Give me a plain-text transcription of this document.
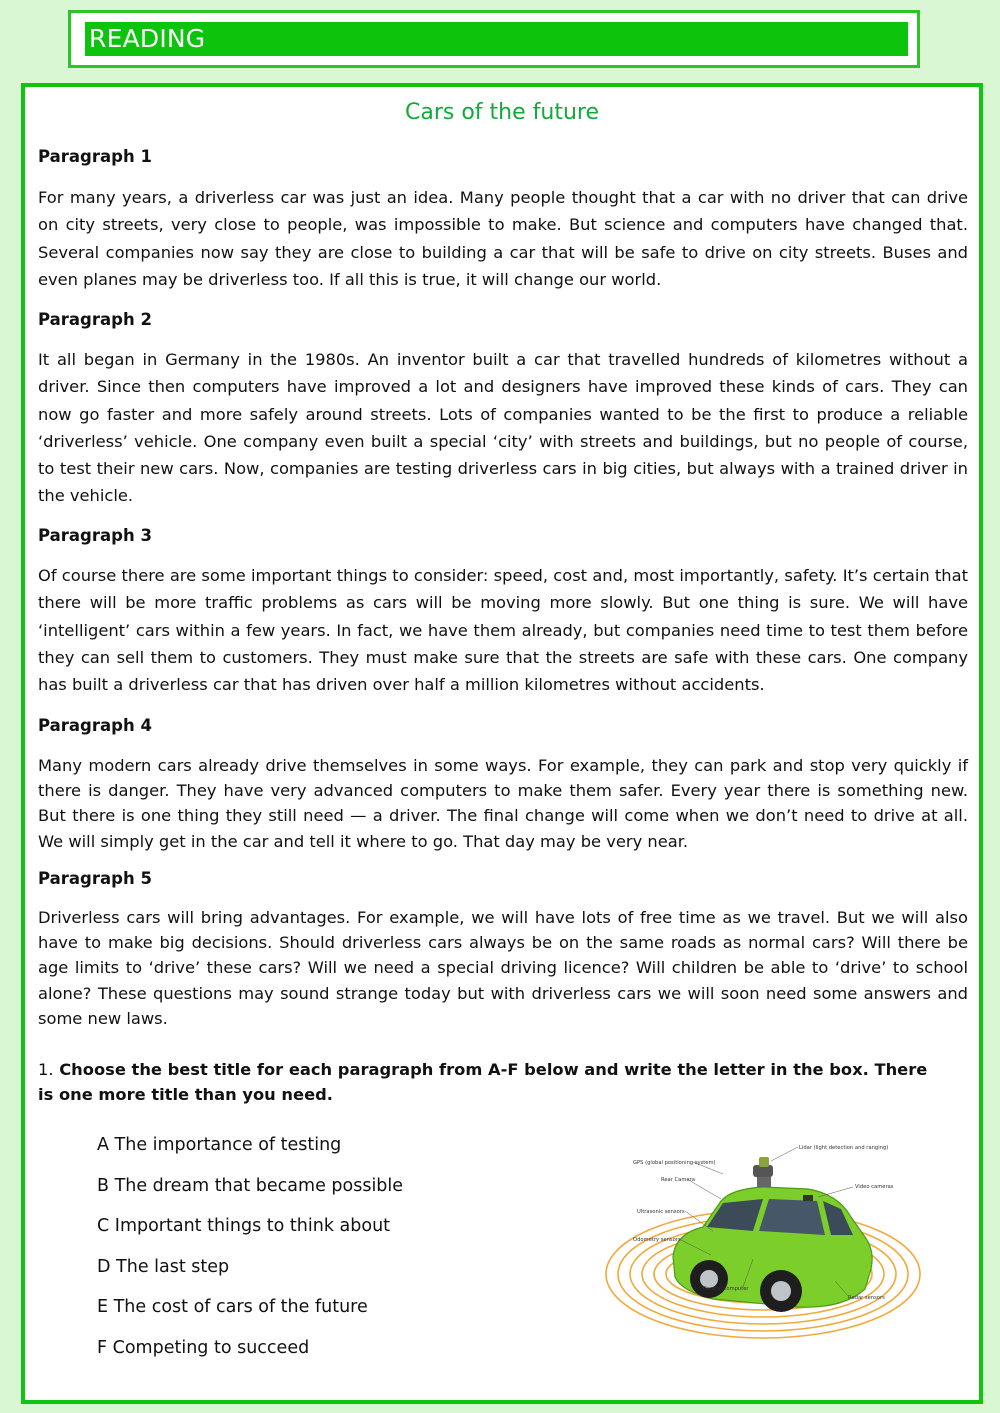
READING
Cars of the future
Paragraph 1
For many years, a driverless car was just an idea. Many people thought that a car with no driver that can drive on city streets, very close to people, was impossible to make. But science and computers have changed that. Several companies now say they are close to building a car that will be safe to drive on city streets. Buses and even planes may be driverless too. If all this is true, it will change our world.
Paragraph 2
It all began in Germany in the 1980s. An inventor built a car that travelled hundreds of kilometres without a driver. Since then computers have improved a lot and designers have improved these kinds of cars. They can now go faster and more safely around streets. Lots of companies wanted to be the first to produce a reliable ‘driverless’ vehicle. One company even built a special ‘city’ with streets and buildings, but no people of course, to test their new cars. Now, companies are testing driverless cars in big cities, but always with a trained driver in the vehicle.
Paragraph 3
Of course there are some important things to consider: speed, cost and, most importantly, safety. It’s certain that there will be more traffic problems as cars will be moving more slowly. But one thing is sure. We will have ‘intelligent’ cars within a few years. In fact, we have them already, but companies need time to test them before they can sell them to customers. They must make sure that the streets are safe with these cars. One company has built a driverless car that has driven over half a million kilometres without accidents.
Paragraph 4
Many modern cars already drive themselves in some ways. For example, they can park and stop very quickly if there is danger. They have very advanced computers to make them safer. Every year there is something new. But there is one thing they still need — a driver. The final change will come when we don’t need to drive at all. We will simply get in the car and tell it where to go. That day may be very near.
Paragraph 5
Driverless cars will bring advantages. For example, we will have lots of free time as we travel. But we will also have to make big decisions. Should driverless cars always be on the same roads as normal cars? Will there be age limits to ‘drive’ these cars? Will we need a special driving licence? Will children be able to ‘drive’ to school alone? These questions may sound strange today but with driverless cars we will soon need some answers and some new laws.
1. Choose the best title for each paragraph from A-F below and write the letter in the box. There is one more title than you need.
A The importance of testing
B The dream that became possible
C Important things to think about
D The last step
E The cost of cars of the future
F Competing to succeed
Lidar (light detection and ranging)
GPS (global positioning system)
Rear Camera
Video cameras
Ultrasonic sensors
Odometry sensors
Central computer
Radar sensors
